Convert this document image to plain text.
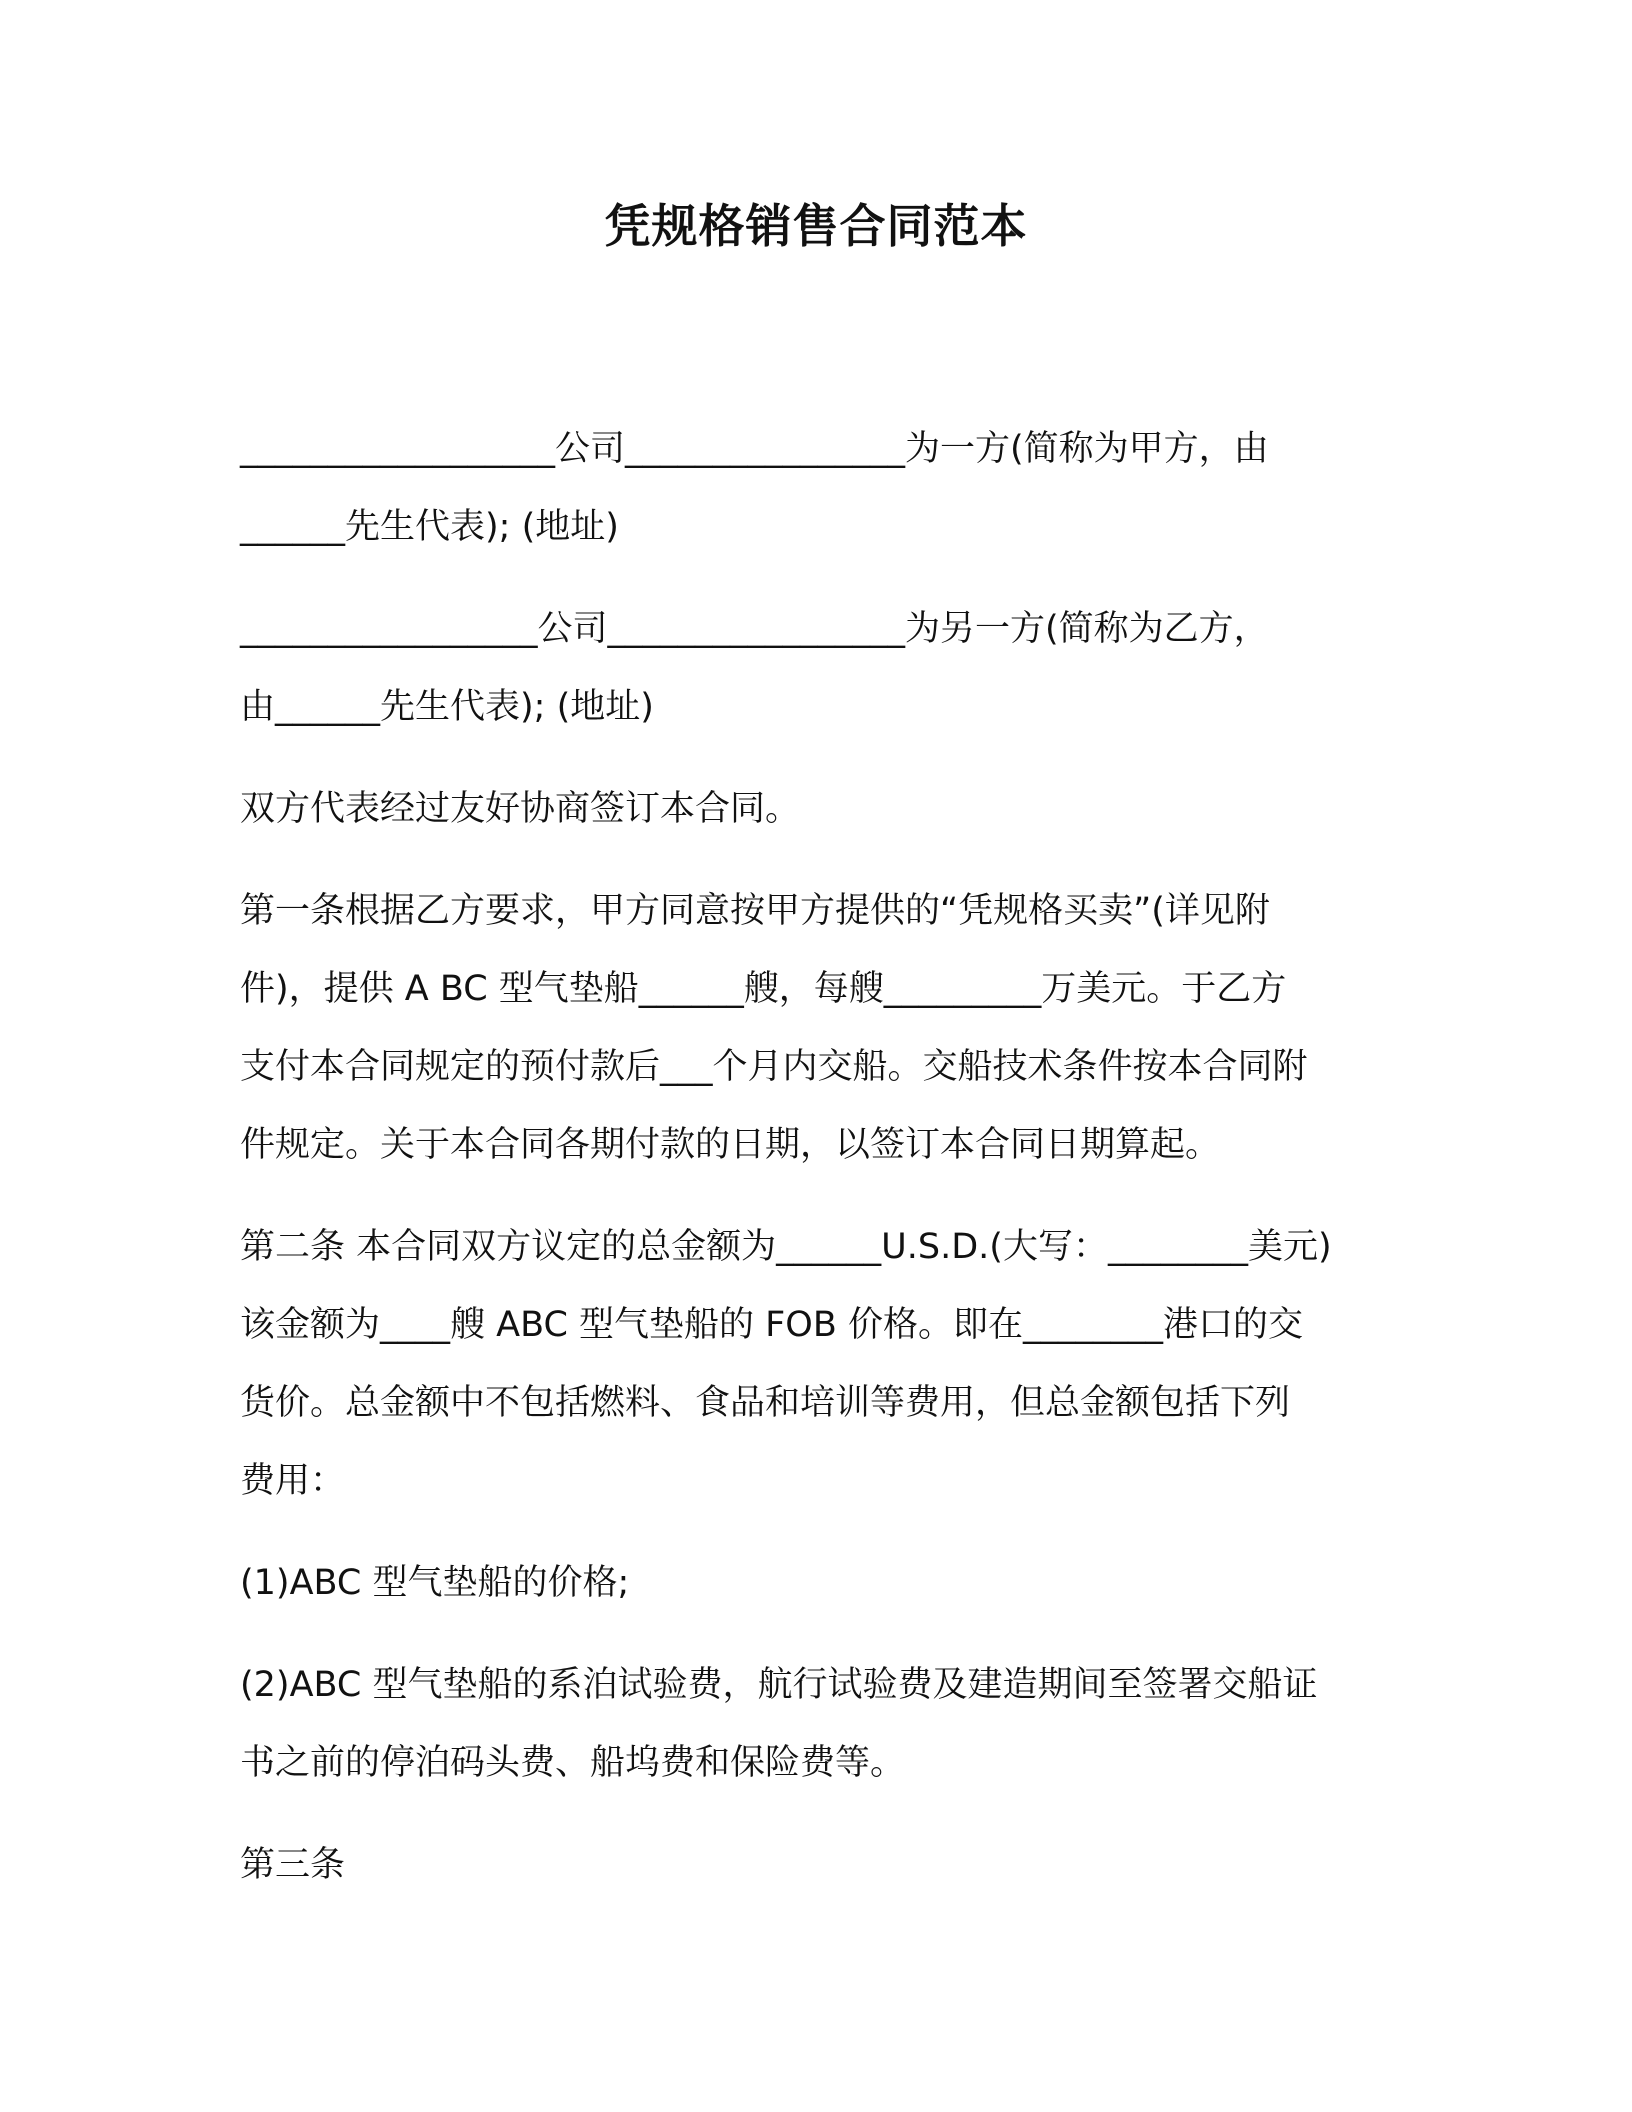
凭规格销售合同范本

__________________公司________________为一方(简称为甲方，由
______先生代表); (地址)

_________________公司_________________为另一方(简称为乙方，
由______先生代表); (地址)

双方代表经过友好协商签订本合同。

第一条根据乙方要求，甲方同意按甲方提供的“凭规格买卖”(详见附
件)，提供 A BC 型气垫船______艘，每艘_________万美元。于乙方
支付本合同规定的预付款后___个月内交船。交船技术条件按本合同附
件规定。关于本合同各期付款的日期，以签订本合同日期算起。

第二条 本合同双方议定的总金额为______U.S.D.(大写：________美元)
该金额为____艘 ABC 型气垫船的 FOB 价格。即在________港口的交
货价。总金额中不包括燃料、食品和培训等费用，但总金额包括下列
费用：

(1)ABC 型气垫船的价格;

(2)ABC 型气垫船的系泊试验费，航行试验费及建造期间至签署交船证
书之前的停泊码头费、船坞费和保险费等。

第三条
